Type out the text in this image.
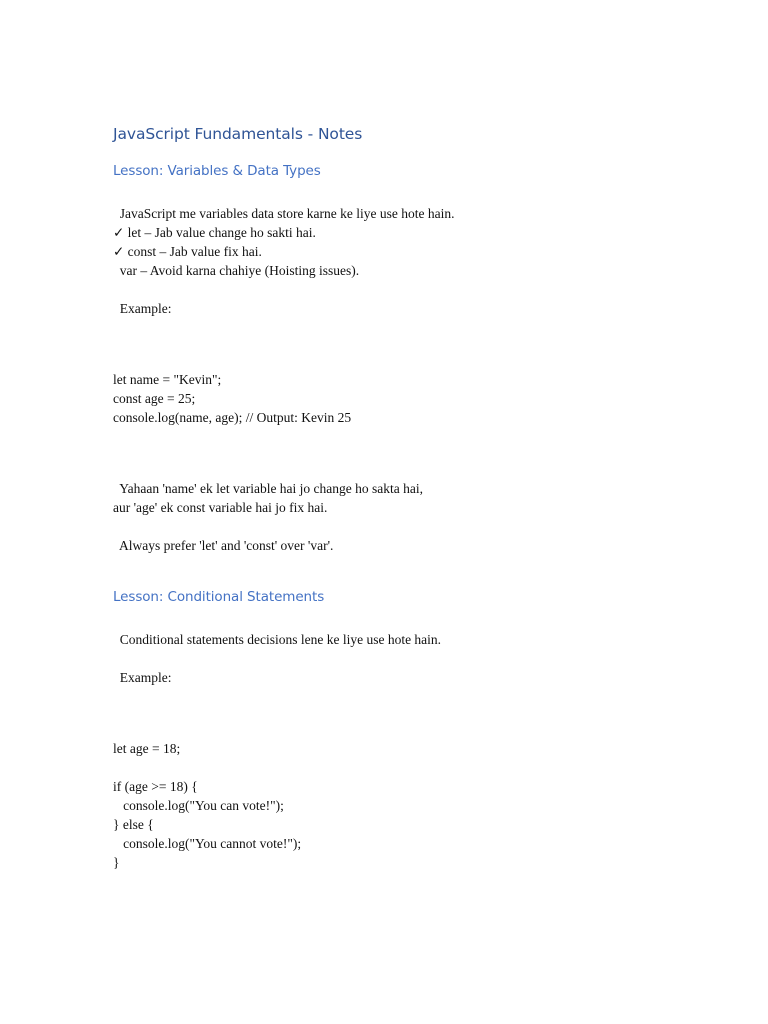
JavaScript Fundamentals - Notes
Lesson: Variables & Data Types

JavaScript me variables data store karne ke liye use hote hain.

✓ let – Jab value change ho sakti hai.

✓ const – Jab value fix hai.

var – Avoid karna chahiye (Hoisting issues).

Example:

let name = "Kevin";

const age = 25;

console.log(name, age); // Output: Kevin 25

Yahaan 'name' ek let variable hai jo change ho sakta hai,

aur 'age' ek const variable hai jo fix hai.

Always prefer 'let' and 'const' over 'var'.

Lesson: Conditional Statements

Conditional statements decisions lene ke liye use hote hain.

Example:

let age = 18;

if (age >= 18) {

console.log("You can vote!");

} else {

console.log("You cannot vote!");

}
